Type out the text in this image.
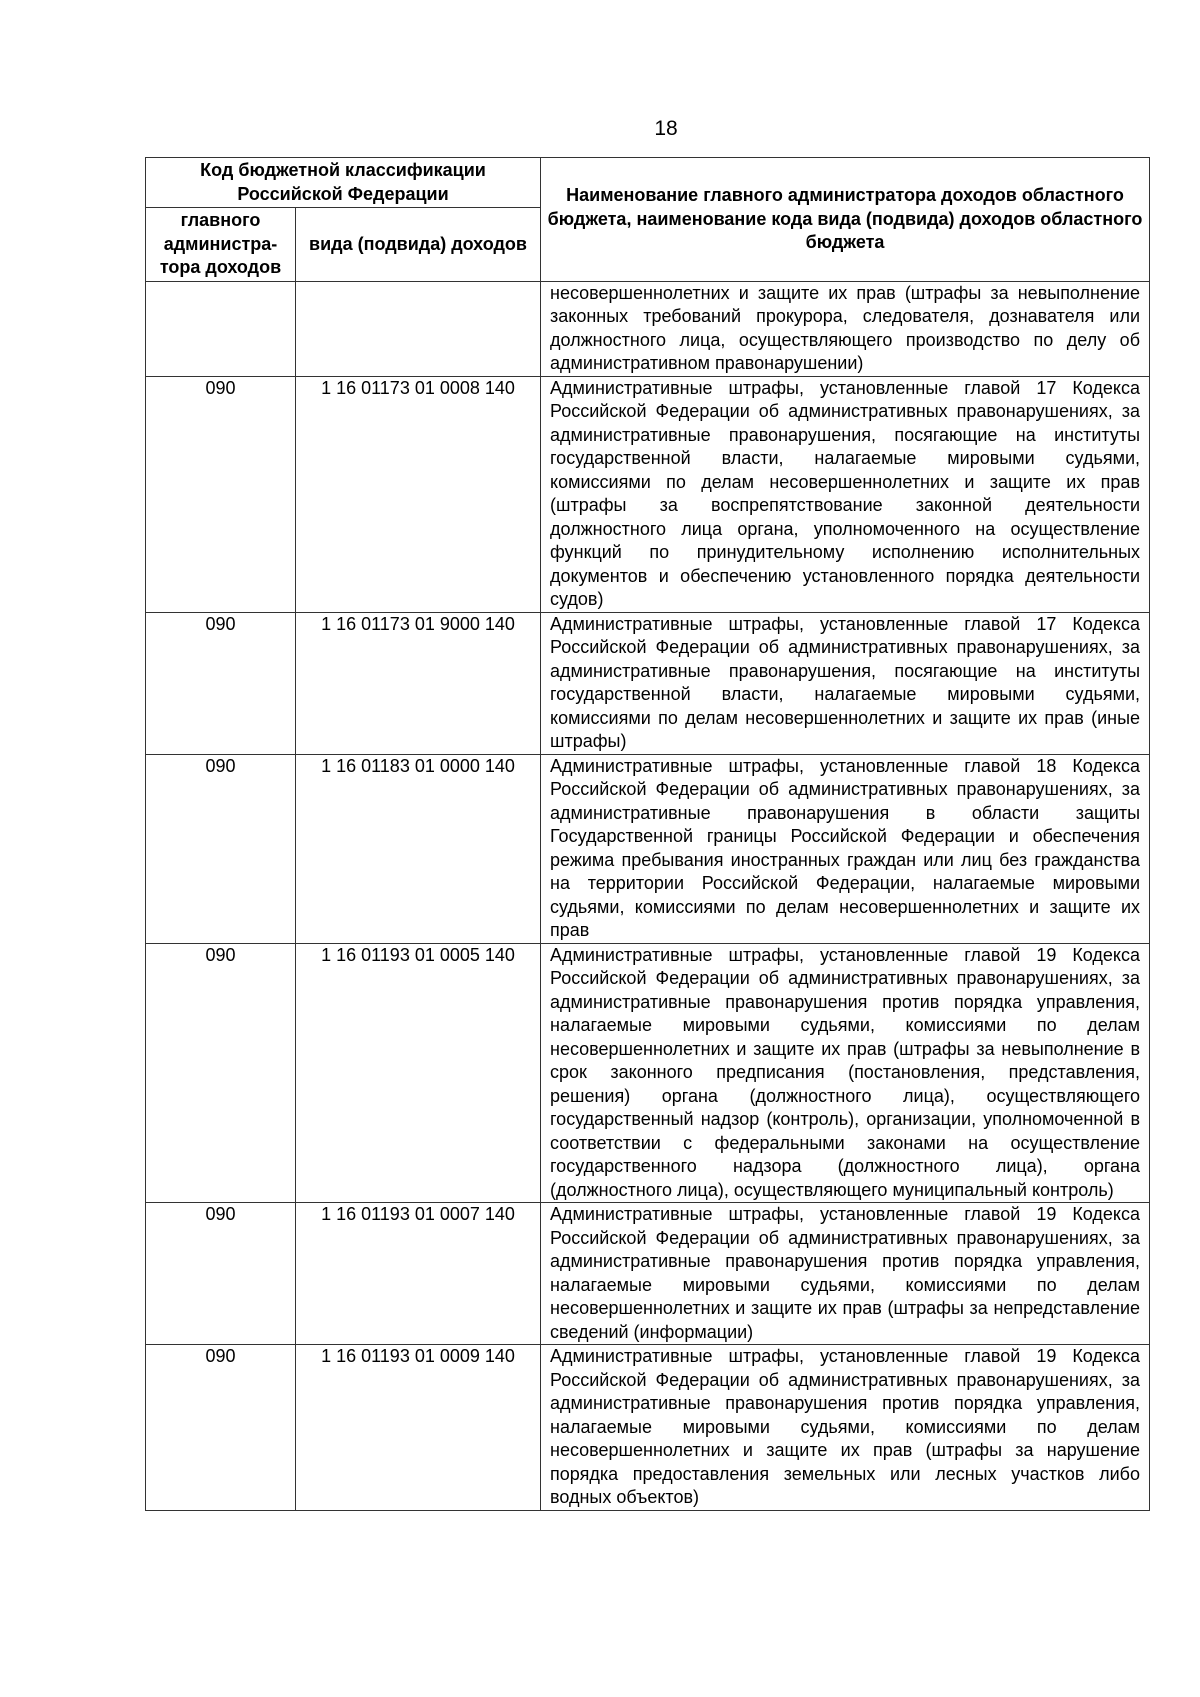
18
Код бюджетной классификации Российской Федерации		Наименование главного администратора доходов областного бюджета, наименование кода вида (подвида) доходов областного бюджета
главного администра-тора доходов	вида (подвида) доходов	
		несовершеннолетних и защите их прав (штрафы за невыполнение законных требований прокурора, следователя, дознавателя или должностного лица, осуществляющего производство по делу об административном правонарушении)
090	1 16 01173 01 0008 140	Административные штрафы, установленные главой 17 Кодекса Российской Федерации об административных правонарушениях, за административные правонарушения, посягающие на институты государственной власти, налагаемые мировыми судьями, комиссиями по делам несовершеннолетних и защите их прав (штрафы за воспрепятствование законной деятельности должностного лица органа, уполномоченного на осуществление функций по принудительному исполнению исполнительных документов и обеспечению установленного порядка деятельности судов)
090	1 16 01173 01 9000 140	Административные штрафы, установленные главой 17 Кодекса Российской Федерации об административных правонарушениях, за административные правонарушения, посягающие на институты государственной власти, налагаемые мировыми судьями, комиссиями по делам несовершеннолетних и защите их прав (иные штрафы)
090	1 16 01183 01 0000 140	Административные штрафы, установленные главой 18 Кодекса Российской Федерации об административных правонарушениях, за административные правонарушения в области защиты Государственной границы Российской Федерации и обеспечения режима пребывания иностранных граждан или лиц без гражданства на территории Российской Федерации, налагаемые мировыми судьями, комиссиями по делам несовершеннолетних и защите их прав
090	1 16 01193 01 0005 140	Административные штрафы, установленные главой 19 Кодекса Российской Федерации об административных правонарушениях, за административные правонарушения против порядка управления, налагаемые мировыми судьями, комиссиями по делам несовершеннолетних и защите их прав (штрафы за невыполнение в срок законного предписания (постановления, представления, решения) органа (должностного лица), осуществляющего государственный надзор (контроль), организации, уполномоченной в соответствии с федеральными законами на осуществление государственного надзора (должностного лица), органа (должностного лица), осуществляющего муниципальный контроль)
090	1 16 01193 01 0007 140	Административные штрафы, установленные главой 19 Кодекса Российской Федерации об административных правонарушениях, за административные правонарушения против порядка управления, налагаемые мировыми судьями, комиссиями по делам несовершеннолетних и защите их прав (штрафы за непредставление сведений (информации)
090	1 16 01193 01 0009 140	Административные штрафы, установленные главой 19 Кодекса Российской Федерации об административных правонарушениях, за административные правонарушения против порядка управления, налагаемые мировыми судьями, комиссиями по делам несовершеннолетних и защите их прав (штрафы за нарушение порядка предоставления земельных или лесных участков либо водных объектов)
